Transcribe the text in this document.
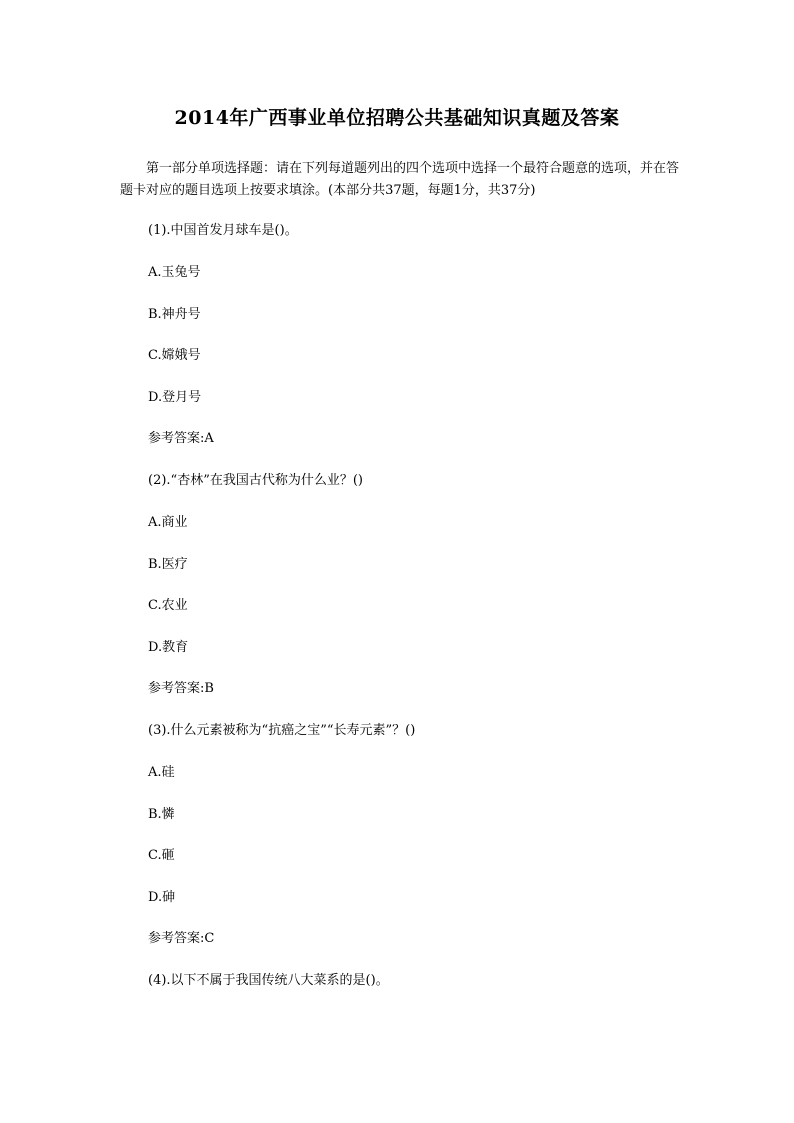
2014年广西事业单位招聘公共基础知识真题及答案
第一部分单项选择题：请在下列每道题列出的四个选项中选择一个最符合题意的选项，并在答题卡对应的题目选项上按要求填涂。(本部分共37题，每题1分，共37分)
(1).中国首发月球车是()。
A.玉兔号
B.神舟号
C.嫦娥号
D.登月号
参考答案:A
(2).“杏林”在我国古代称为什么业？()
A.商业
B.医疗
C.农业
D.教育
参考答案:B
(3).什么元素被称为“抗癌之宝”“长寿元素”？()
A.硅
B.憐
C.砸
D.砷
参考答案:C
(4).以下不属于我国传统八大菜系的是()。
